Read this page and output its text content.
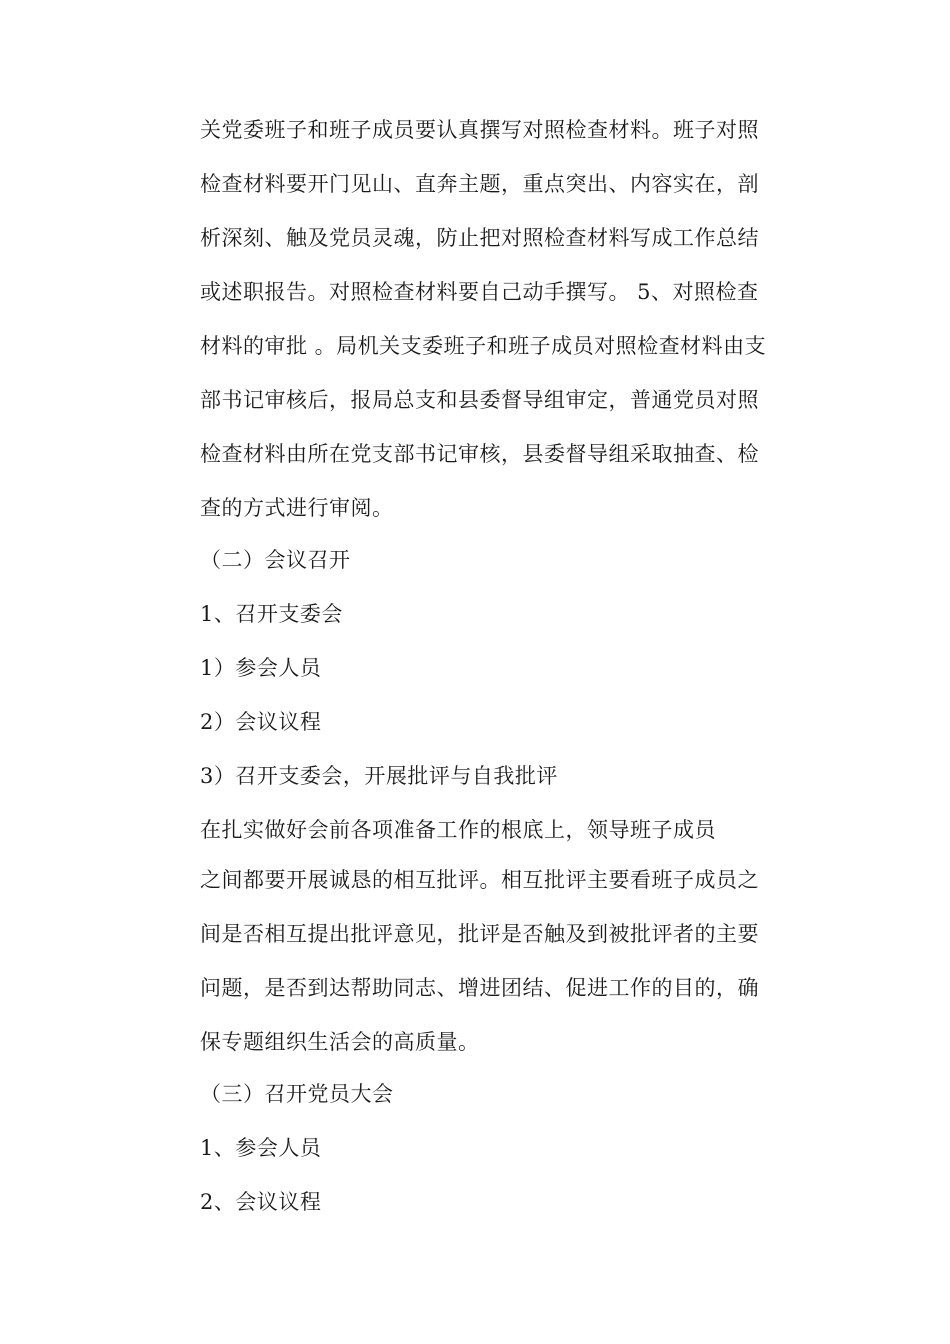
关党委班子和班子成员要认真撰写对照检查材料。班子对照
检查材料要开门见山、直奔主题，重点突出、内容实在，剖
析深刻、触及党员灵魂，防止把对照检查材料写成工作总结
或述职报告。对照检查材料要自己动手撰写。 5、对照检查
材料的审批 。局机关支委班子和班子成员对照检查材料由支
部书记审核后，报局总支和县委督导组审定，普通党员对照
检查材料由所在党支部书记审核，县委督导组采取抽查、检
查的方式进行审阅。
（二）会议召开
1、召开支委会
1）参会人员
2）会议议程
3）召开支委会，开展批评与自我批评
在扎实做好会前各项准备工作的根底上，领导班子成员
之间都要开展诚恳的相互批评。相互批评主要看班子成员之
间是否相互提出批评意见，批评是否触及到被批评者的主要
问题，是否到达帮助同志、增进团结、促进工作的目的，确
保专题组织生活会的高质量。
（三）召开党员大会
1、参会人员
2、会议议程
